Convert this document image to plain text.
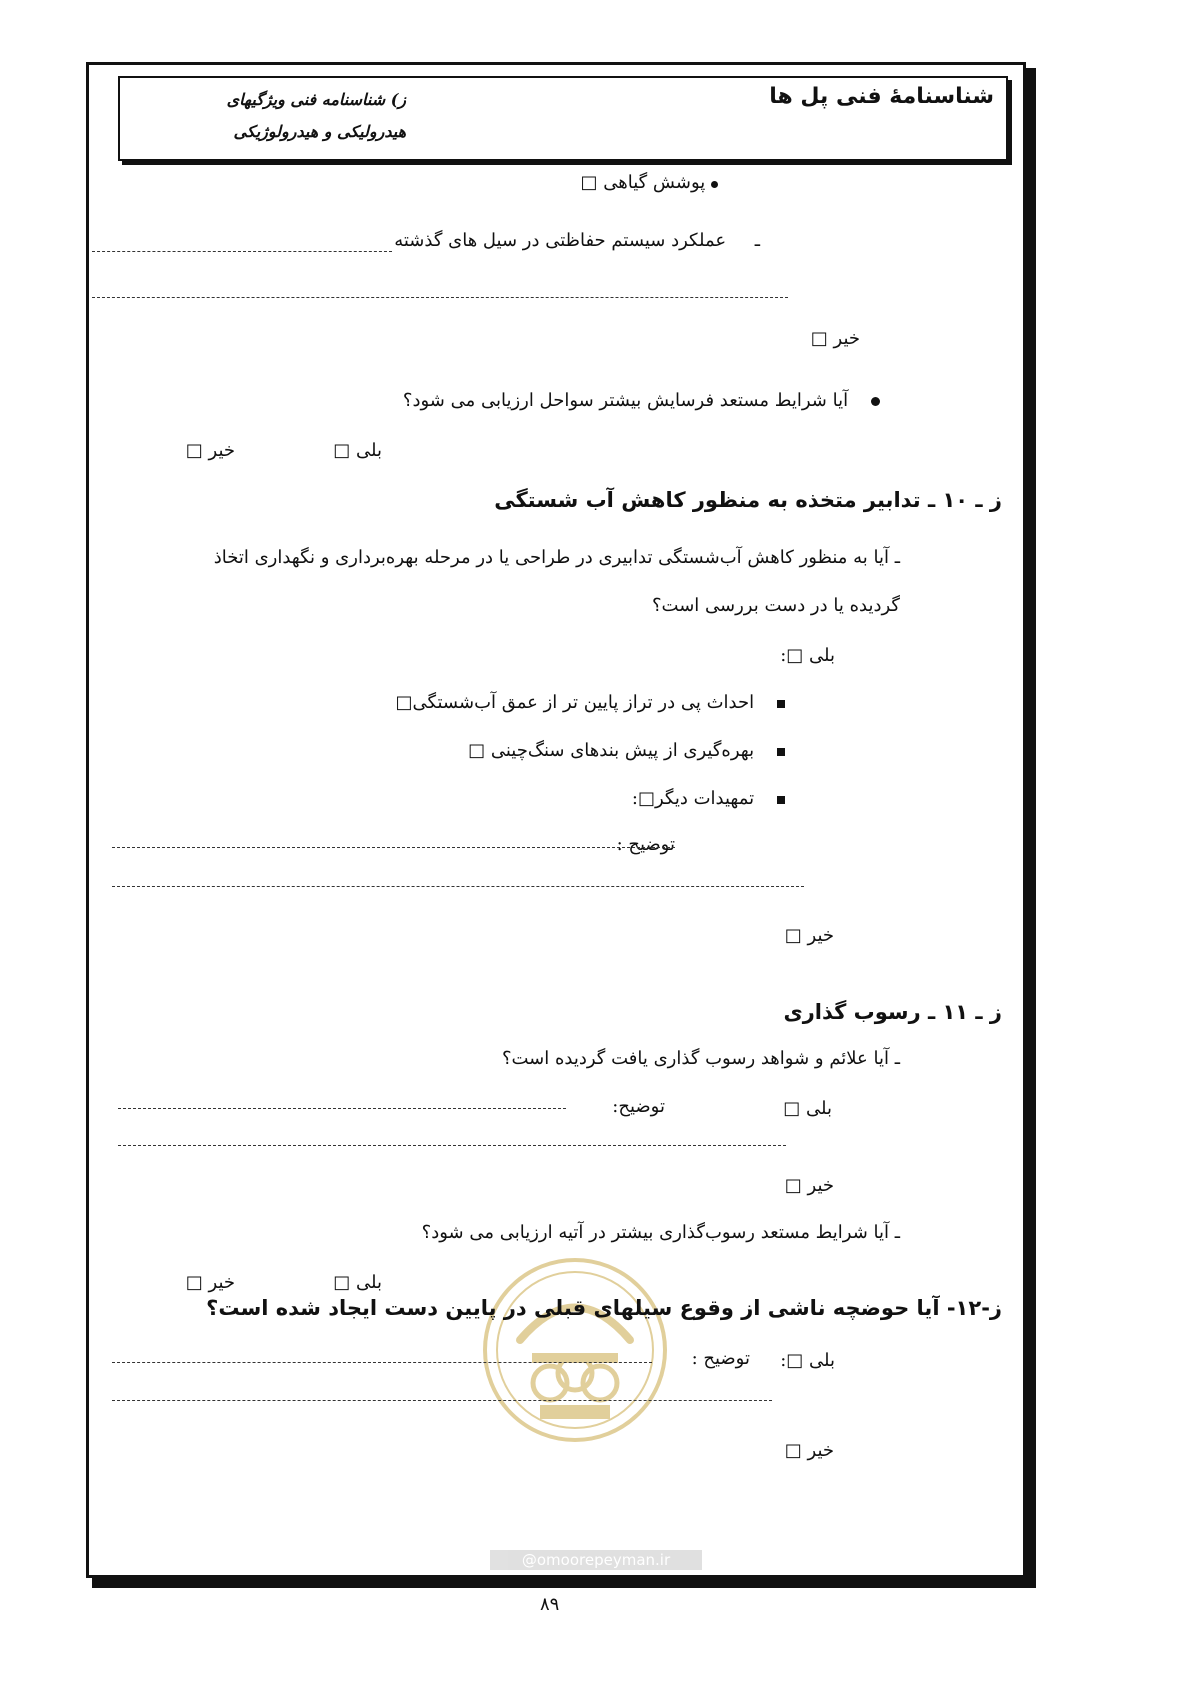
شناسنامۀ فنی پل ها
ز) شناسنامه فنی ویژگیهای
هیدرولیکی و هیدرولوژیکی
پوشش گیاهی □
ـ     عملکرد سیستم حفاظتی در سیل های گذشته
خیر □
آیا شرایط مستعد فرسایش بیشتر سواحل ارزیابی می شود؟
بلی □
خیر □
ز ـ ۱۰ ـ تدابیر متخذه به منظور کاهش آب شستگی
ـ آیا به منظور کاهش آب‌شستگی تدابیری در طراحی یا در مرحله بهره‌برداری و نگهداری اتخاذ
گردیده یا در دست بررسی است؟
بلی □:
احداث پی در تراز پایین تر از عمق آب‌شستگی□
بهره‌گیری از پیش بندهای سنگ‌چینی □
تمهیدات دیگر□:
توضیح :
خیر □
ز ـ ۱۱ ـ رسوب گذاری
ـ آیا علائم و شواهد رسوب گذاری یافت گردیده است؟
بلی □
توضیح:
خیر □
ـ آیا شرایط مستعد رسوب‌گذاری بیشتر در آتیه ارزیابی می شود؟
بلی □
خیر □
ز-۱۲- آیا حوضچه ناشی از وقوع سیلهای قبلی در پایین دست ایجاد شده است؟
بلی □:
توضیح :
خیر □
@omoorepeyman.ir
۸۹
